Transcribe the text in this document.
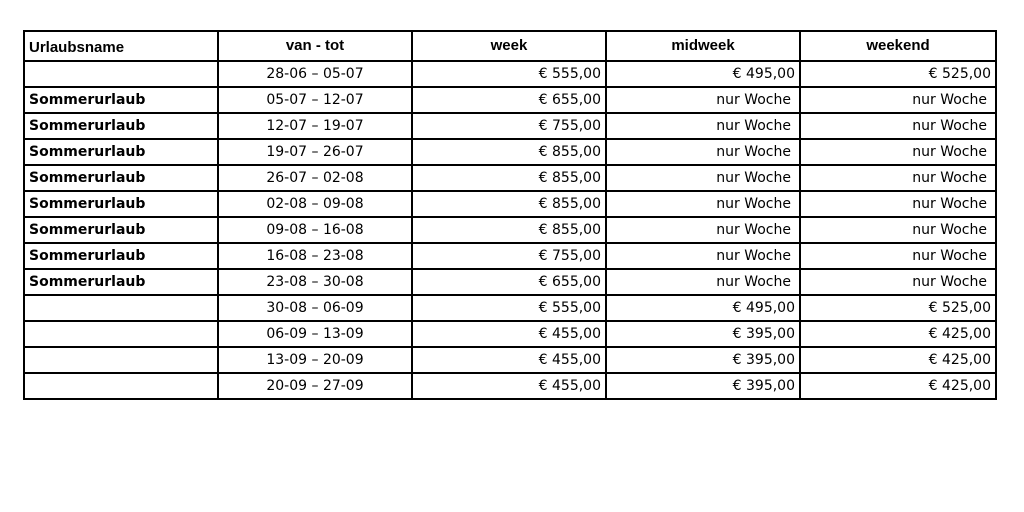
Urlaubsname	van - tot	week	midweek	weekend
	28-06 – 05-07	€ 555,00	€ 495,00	€ 525,00
Sommerurlaub	05-07 – 12-07	€ 655,00	nur Woche	nur Woche
Sommerurlaub	12-07 – 19-07	€ 755,00	nur Woche	nur Woche
Sommerurlaub	19-07 – 26-07	€ 855,00	nur Woche	nur Woche
Sommerurlaub	26-07 – 02-08	€ 855,00	nur Woche	nur Woche
Sommerurlaub	02-08 – 09-08	€ 855,00	nur Woche	nur Woche
Sommerurlaub	09-08 – 16-08	€ 855,00	nur Woche	nur Woche
Sommerurlaub	16-08 – 23-08	€ 755,00	nur Woche	nur Woche
Sommerurlaub	23-08 – 30-08	€ 655,00	nur Woche	nur Woche
	30-08 – 06-09	€ 555,00	€ 495,00	€ 525,00
	06-09 – 13-09	€ 455,00	€ 395,00	€ 425,00
	13-09 – 20-09	€ 455,00	€ 395,00	€ 425,00
	20-09 – 27-09	€ 455,00	€ 395,00	€ 425,00
